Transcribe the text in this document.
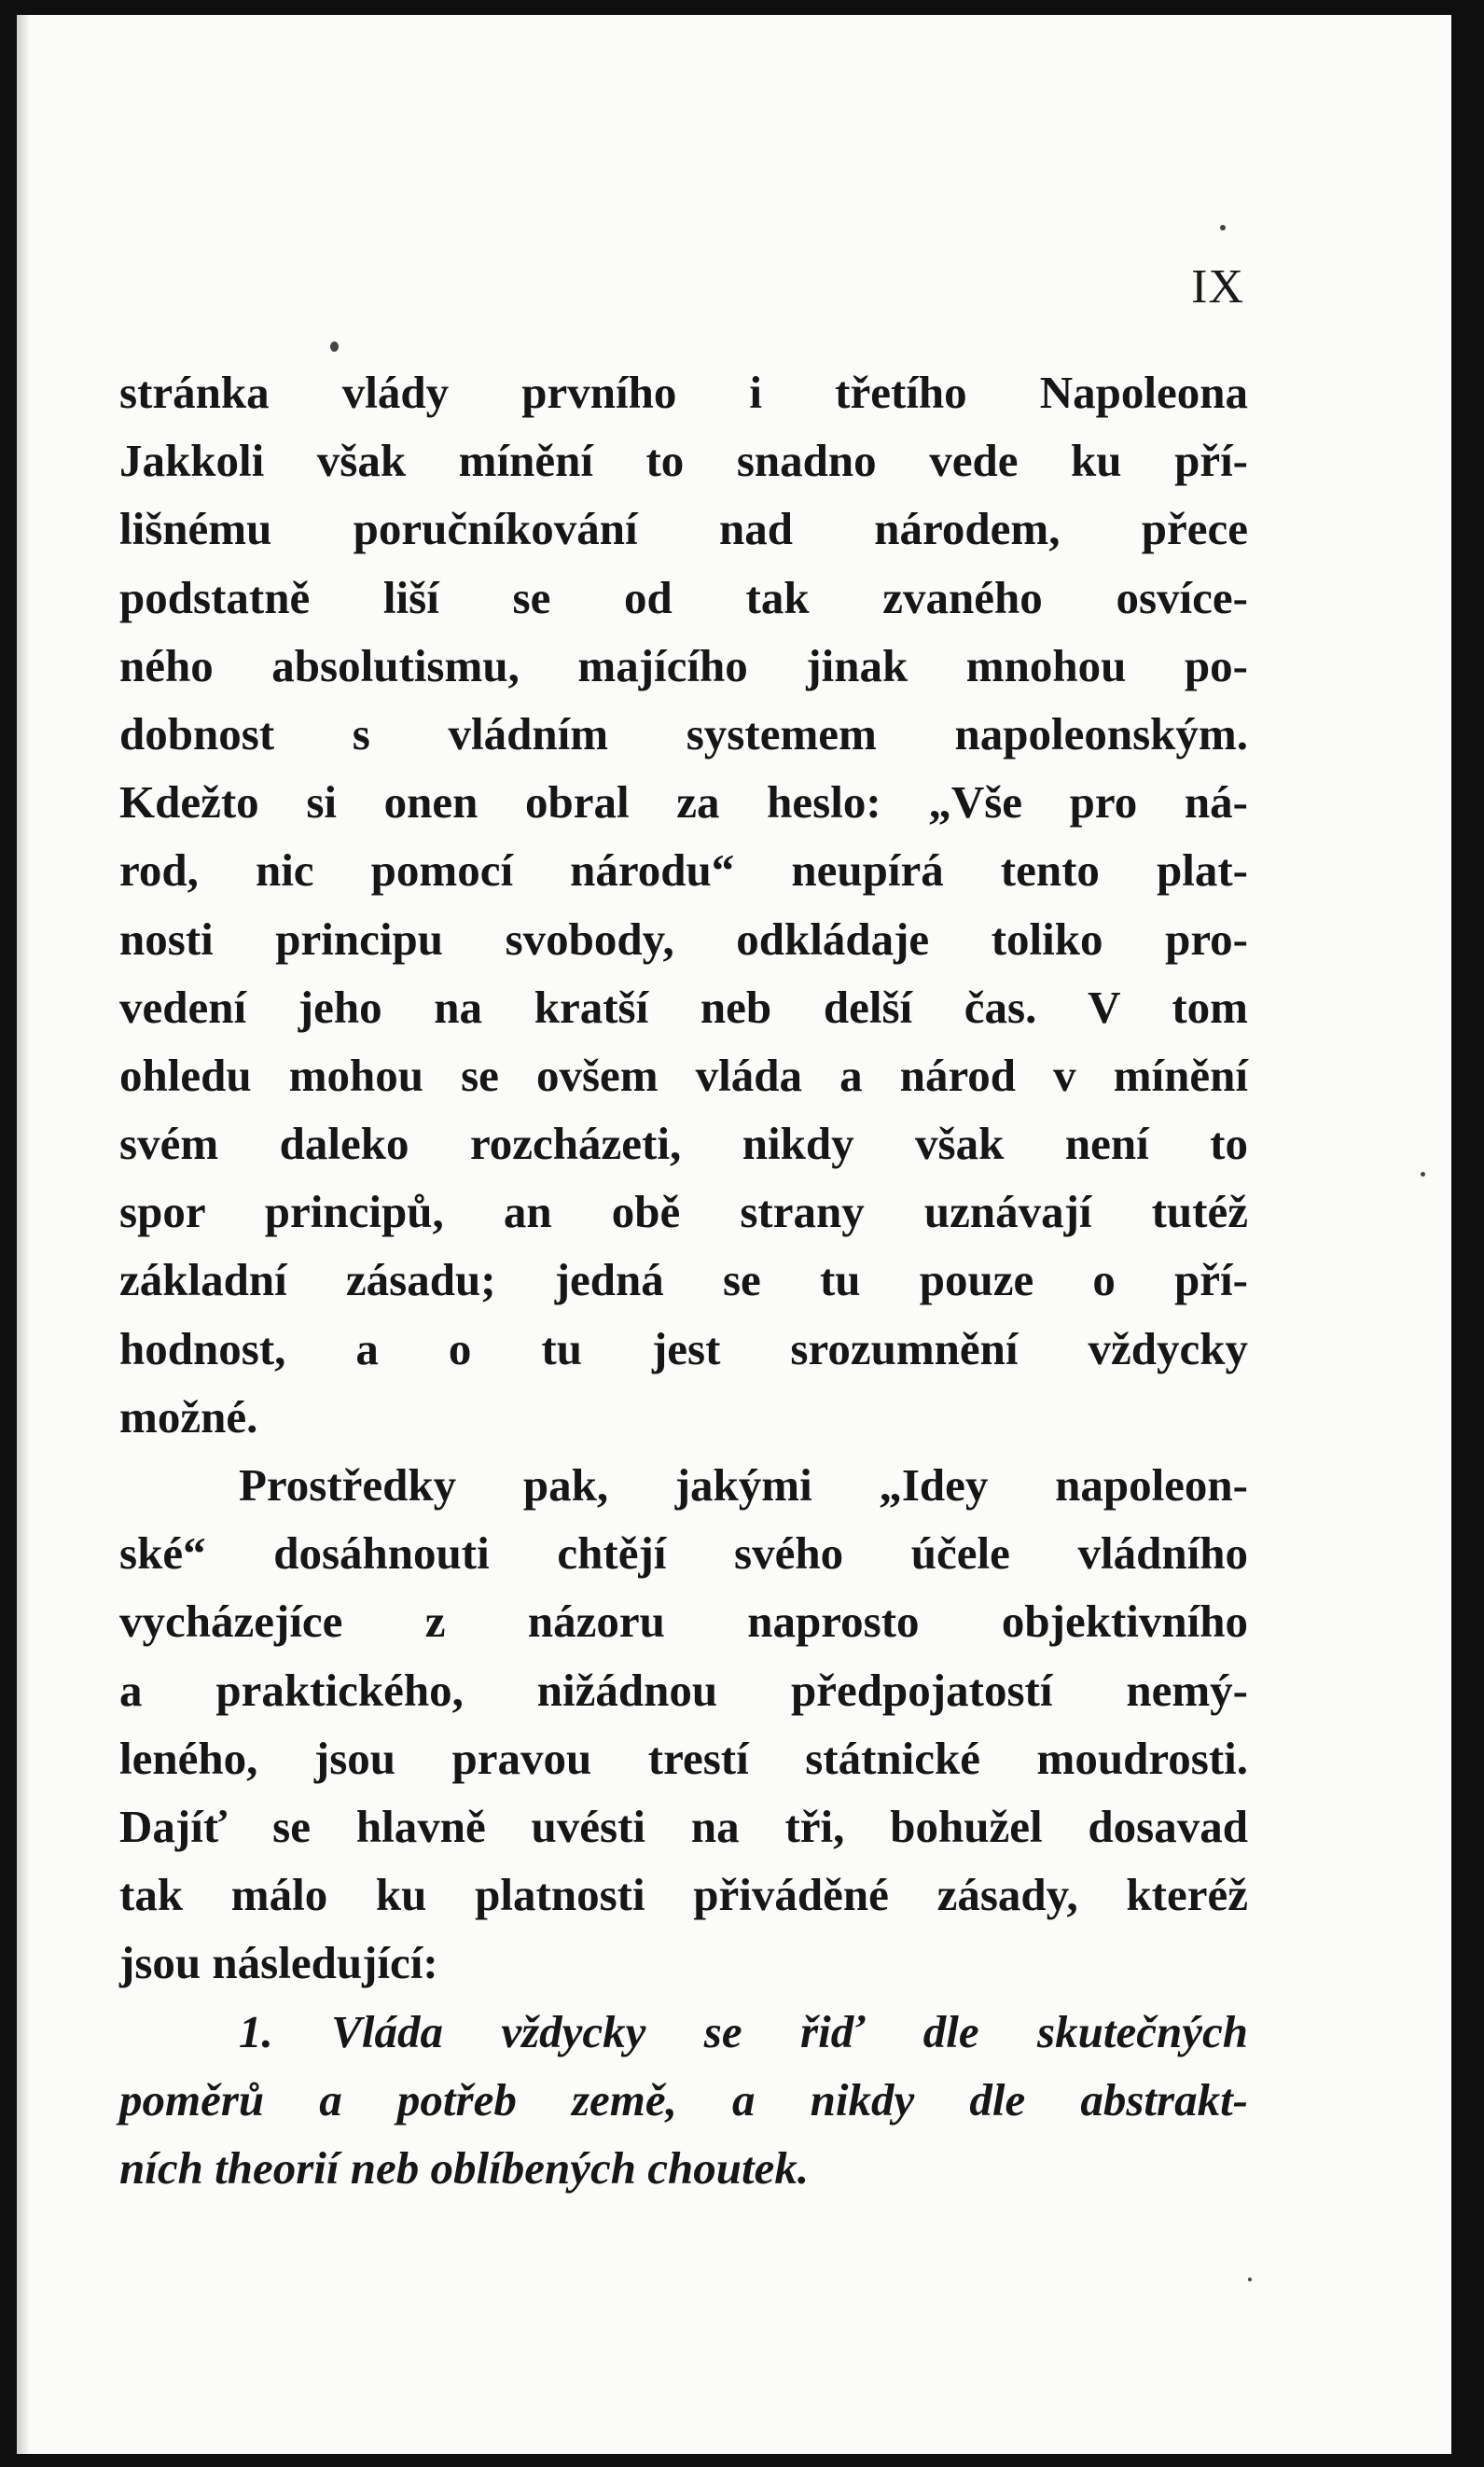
IX
stránka vlády prvního i třetího Napoleona
Jakkoli však mínění to snadno vede ku pří-
lišnému poručníkování nad národem, přece
podstatně liší se od tak zvaného osvíce-
ného absolutismu, majícího jinak mnohou po-
dobnost s vládním systemem napoleonským.
Kdežto si onen obral za heslo: „Vše pro ná-
rod, nic pomocí národu“ neupírá tento plat-
nosti principu svobody, odkládaje toliko pro-
vedení jeho na kratší neb delší čas. V tom
ohledu mohou se ovšem vláda a národ v mínění
svém daleko rozcházeti, nikdy však není to
spor principů, an obě strany uznávají tutéž
základní zásadu; jedná se tu pouze o pří-
hodnost, a o tu jest srozumnění vždycky
možné.
Prostředky pak, jakými „Idey napoleon-
ské“ dosáhnouti chtějí svého účele vládního
vycházejíce z názoru naprosto objektivního
a praktického, nižádnou předpojatostí nemý-
leného, jsou pravou trestí státnické moudrosti.
Dajíť se hlavně uvésti na tři, bohužel dosavad
tak málo ku platnosti přiváděné zásady, kteréž
jsou následující:
1. Vláda vždycky se řiď dle skutečných
poměrů a potřeb země, a nikdy dle abstrakt-
ních theorií neb oblíbených choutek.
